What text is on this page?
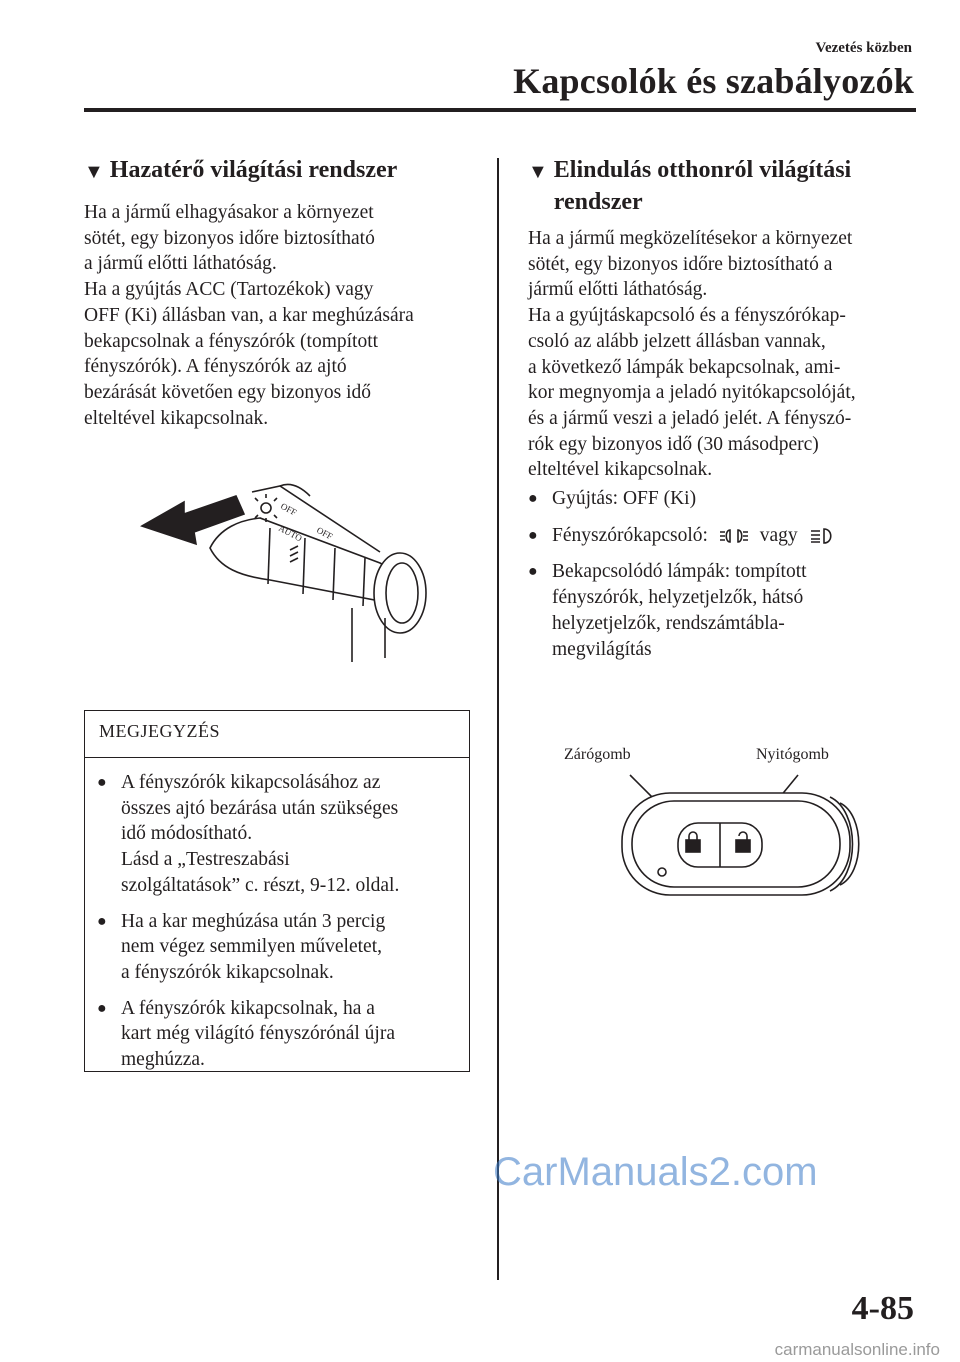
Vezetés közben
Kapcsolók és szabályozók
▼ Hazatérő világítási rendszer
Ha a jármű elhagyásakor a környezet
sötét, egy bizonyos időre biztosítható
a jármű előtti láthatóság.
Ha a gyújtás ACC (Tartozékok) vagy
OFF (Ki) állásban van, a kar meghúzására
bekapcsolnak a fényszórók (tompított
fényszórók). A fényszórók az ajtó
bezárását követően egy bizonyos idő
elteltével kikapcsolnak.
OFF
AUTO OFF
MEGJEGYZÉS
● A fényszórók kikapcsolásához az
összes ajtó bezárása után szükséges
idő módosítható.
Lásd a „Testreszabási
szolgáltatások” c. részt, 9-12. oldal.
● Ha a kar meghúzása után 3 percig
nem végez semmilyen műveletet,
a fényszórók kikapcsolnak.
● A fényszórók kikapcsolnak, ha a
kart még világító fényszórónál újra
meghúzza.
▼ Elindulás otthonról világítási
rendszer
Ha a jármű megközelítésekor a környezet
sötét, egy bizonyos időre biztosítható a
jármű előtti láthatóság.
Ha a gyújtáskapcsoló és a fényszórókap-
csoló az alább jelzett állásban vannak,
a következő lámpák bekapcsolnak, ami-
kor megnyomja a jeladó nyitókapcsolóját,
és a jármű veszi a jeladó jelét. A fényszó-
rók egy bizonyos idő (30 másodperc)
elteltével kikapcsolnak.
● Gyújtás: OFF (Ki)
● Fényszórókapcsoló:	vagy
● Bekapcsolódó lámpák: tompított
fényszórók, helyzetjelzők, hátsó
helyzetjelzők, rendszámtábla-
megvilágítás
Zárógomb	Nyitógomb
CarManuals2.com
4-85
carmanualsonline.info
